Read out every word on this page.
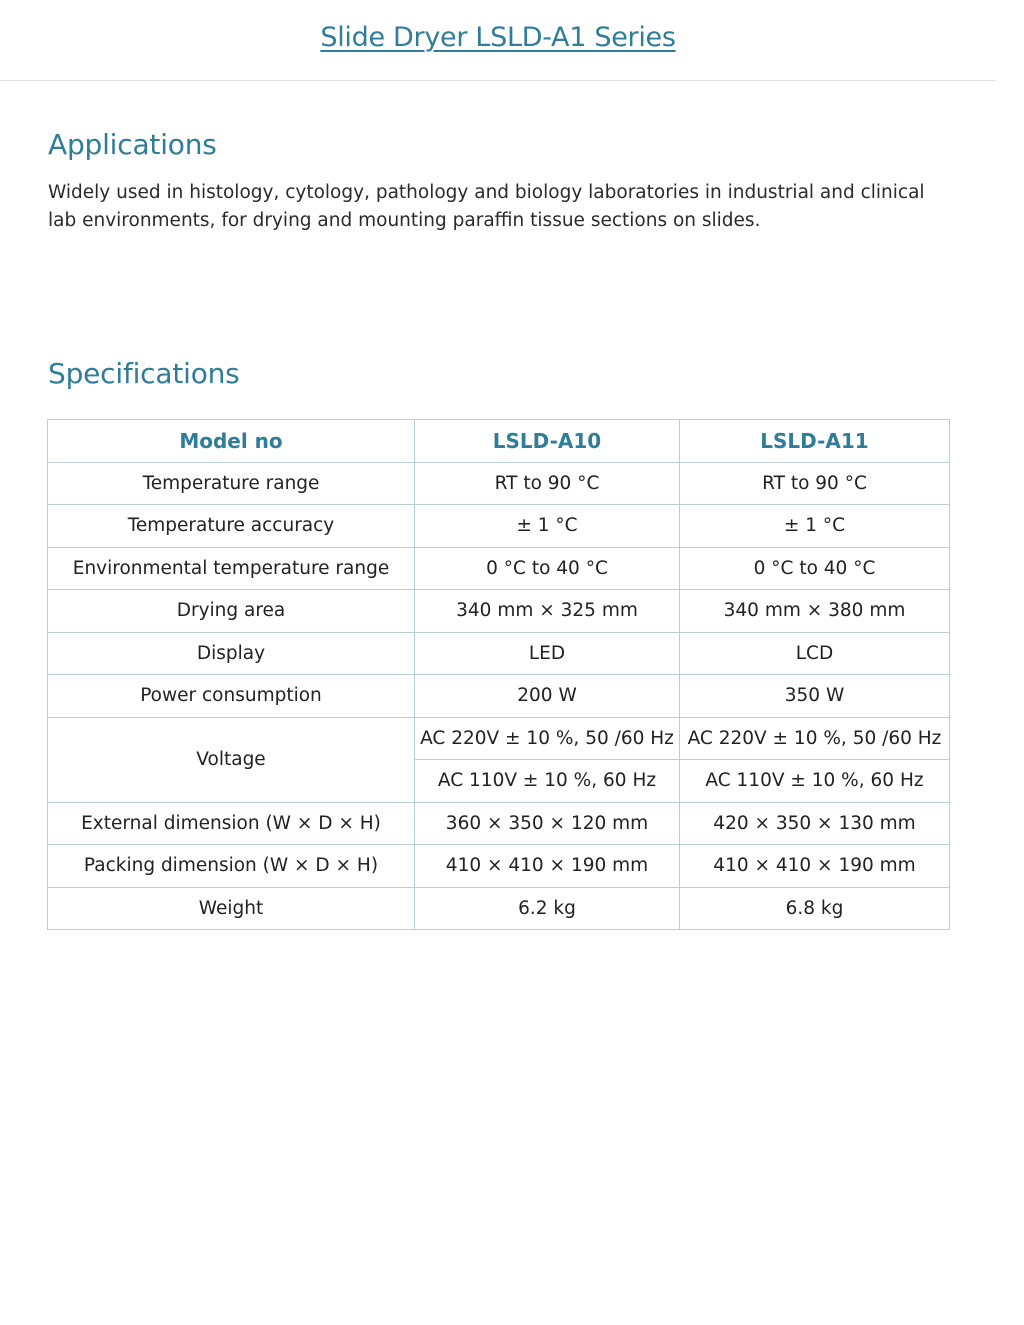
Slide Dryer LSLD-A1 Series
Applications

Widely used in histology, cytology, pathology and biology laboratories in industrial and clinical lab environments, for drying and mounting paraffin tissue sections on slides.

Specifications
Model no	LSLD-A10	LSLD-A11
Temperature range	RT to 90 °C	RT to 90 °C
Temperature accuracy	± 1 °C	± 1 °C
Environmental temperature range	0 °C to 40 °C	0 °C to 40 °C
Drying area	340 mm × 325 mm	340 mm × 380 mm
Display	LED	LCD
Power consumption	200 W	350 W
Voltage	AC 220V ± 10 %, 50 /60 Hz	AC 220V ± 10 %, 50 /60 Hz
	AC 110V ± 10 %, 60 Hz	AC 110V ± 10 %, 60 Hz
External dimension (W × D × H)	360 × 350 × 120 mm	420 × 350 × 130 mm
Packing dimension (W × D × H)	410 × 410 × 190 mm	410 × 410 × 190 mm
Weight	6.2 kg	6.8 kg
